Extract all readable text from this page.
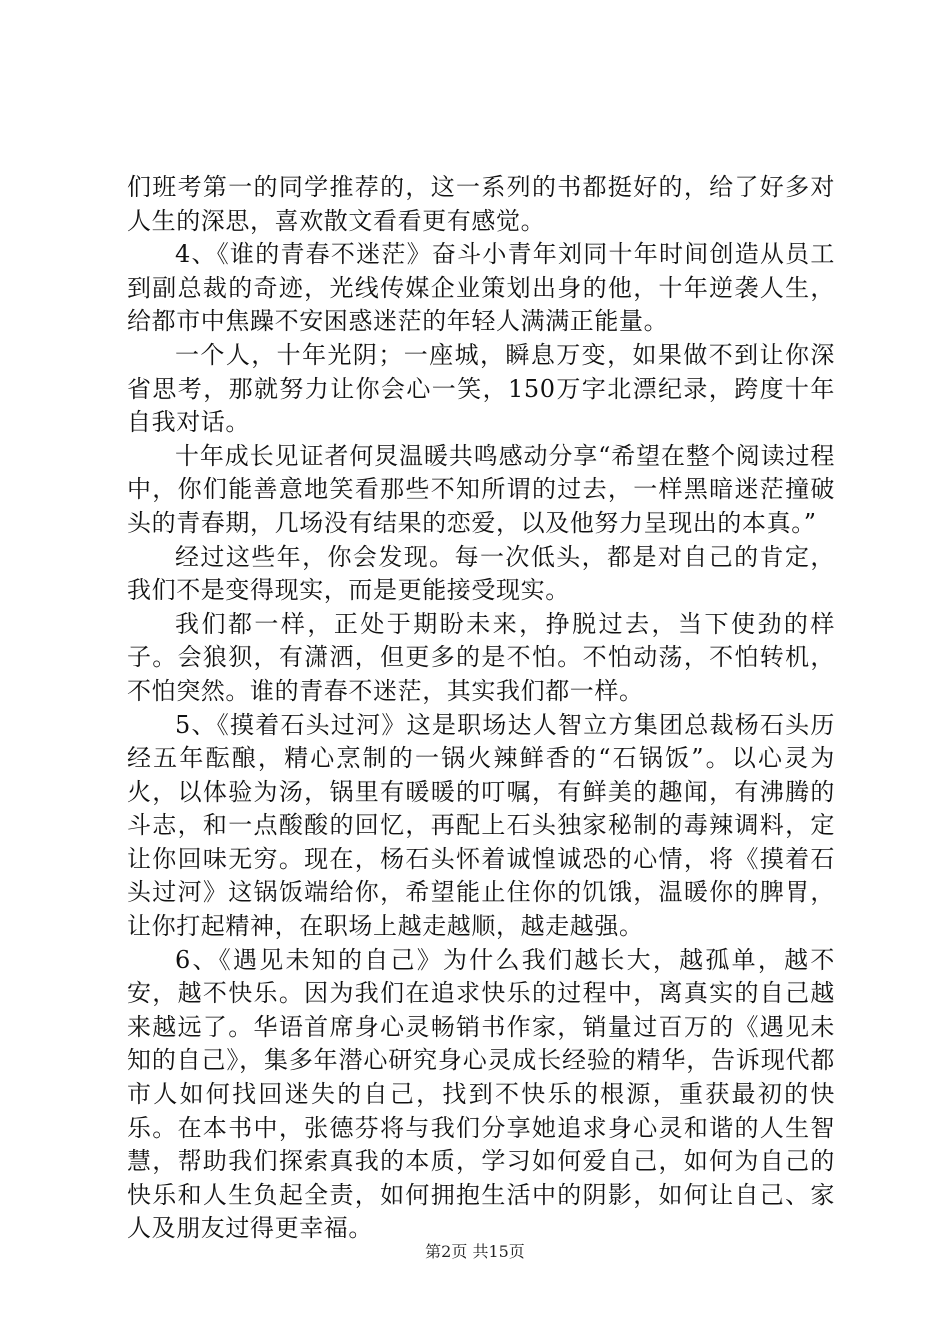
们班考第一的同学推荐的，这一系列的书都挺好的，给了好多对人生的深思，喜欢散文看看更有感觉。

4、《谁的青春不迷茫》奋斗小青年刘同十年时间创造从员工到副总裁的奇迹，光线传媒企业策划出身的他，十年逆袭人生，给都市中焦躁不安困惑迷茫的年轻人满满正能量。

一个人，十年光阴；一座城，瞬息万变，如果做不到让你深省思考，那就努力让你会心一笑，150万字北漂纪录，跨度十年自我对话。

十年成长见证者何炅温暖共鸣感动分享“希望在整个阅读过程中，你们能善意地笑看那些不知所谓的过去，一样黑暗迷茫撞破头的青春期，几场没有结果的恋爱，以及他努力呈现出的本真。”

经过这些年，你会发现。每一次低头，都是对自己的肯定，我们不是变得现实，而是更能接受现实。

我们都一样，正处于期盼未来，挣脱过去，当下使劲的样子。会狼狈，有潇洒，但更多的是不怕。不怕动荡，不怕转机，不怕突然。谁的青春不迷茫，其实我们都一样。

5、《摸着石头过河》这是职场达人智立方集团总裁杨石头历经五年酝酿，精心烹制的一锅火辣鲜香的“石锅饭”。以心灵为火，以体验为汤，锅里有暖暖的叮嘱，有鲜美的趣闻，有沸腾的斗志，和一点酸酸的回忆，再配上石头独家秘制的毒辣调料，定让你回味无穷。现在，杨石头怀着诚惶诚恐的心情，将《摸着石头过河》这锅饭端给你，希望能止住你的饥饿，温暖你的脾胃，让你打起精神，在职场上越走越顺，越走越强。

6、《遇见未知的自己》为什么我们越长大，越孤单，越不安，越不快乐。因为我们在追求快乐的过程中，离真实的自己越来越远了。华语首席身心灵畅销书作家，销量过百万的《遇见未知的自己》，集多年潜心研究身心灵成长经验的精华，告诉现代都市人如何找回迷失的自己，找到不快乐的根源，重获最初的快乐。在本书中，张德芬将与我们分享她追求身心灵和谐的人生智慧，帮助我们探索真我的本质，学习如何爱自己，如何为自己的快乐和人生负起全责，如何拥抱生活中的阴影，如何让自己、家人及朋友过得更幸福。

第2页 共15页
